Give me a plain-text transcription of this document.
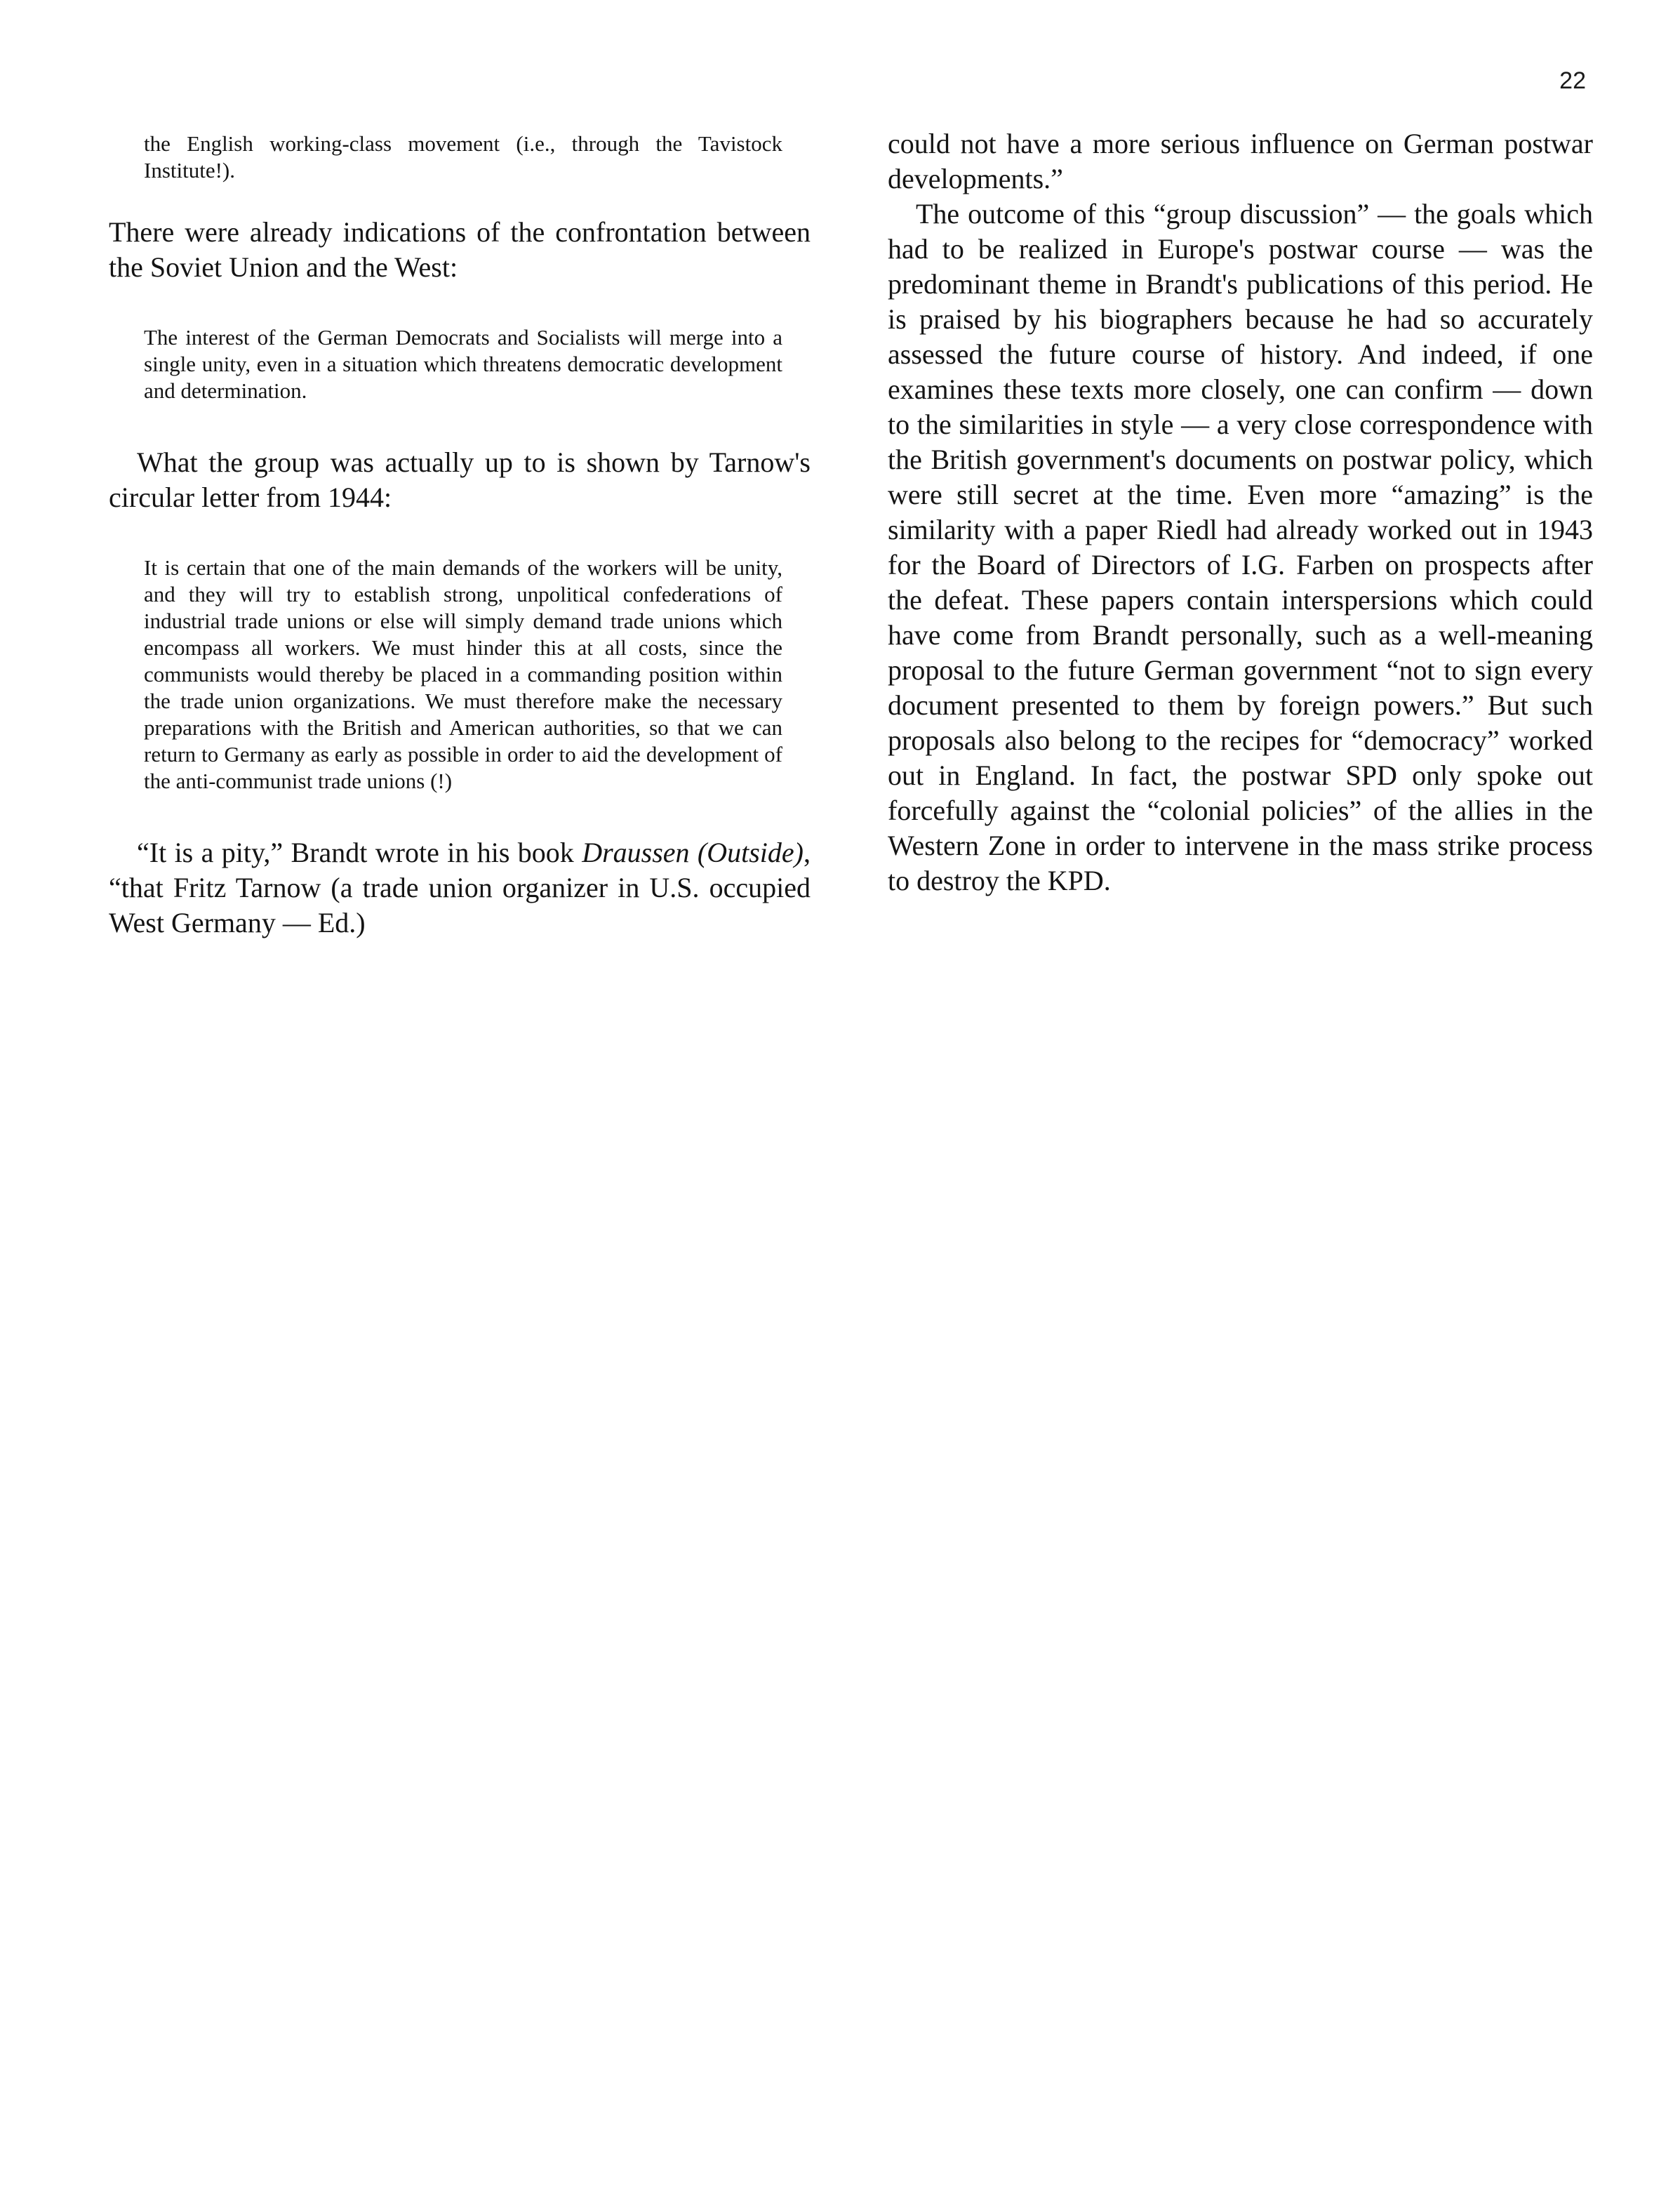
22

the English working-class movement (i.e., through the Tavistock Institute!).

There were already indications of the confrontation between the Soviet Union and the West:

The interest of the German Democrats and Socialists will merge into a single unity, even in a situation which threatens democratic development and determination.

What the group was actually up to is shown by Tarnow's circular letter from 1944:

It is certain that one of the main demands of the workers will be unity, and they will try to establish strong, unpolitical confederations of industrial trade unions or else will simply demand trade unions which encompass all workers. We must hinder this at all costs, since the communists would thereby be placed in a commanding position within the trade union organizations. We must therefore make the necessary preparations with the British and American authorities, so that we can return to Germany as early as possible in order to aid the development of the anti-communist trade unions (!)

“It is a pity,” Brandt wrote in his book Draussen (Outside), “that Fritz Tarnow (a trade union organizer in U.S. occupied West Germany — Ed.)

could not have a more serious influence on German postwar developments.”

The outcome of this “group discussion” — the goals which had to be realized in Europe's postwar course — was the predominant theme in Brandt's publications of this period. He is praised by his biographers because he had so accurately assessed the future course of history. And indeed, if one examines these texts more closely, one can confirm — down to the similarities in style — a very close correspondence with the British government's documents on postwar policy, which were still secret at the time. Even more “amazing” is the similarity with a paper Riedl had already worked out in 1943 for the Board of Directors of I.G. Farben on prospects after the defeat. These papers contain interspersions which could have come from Brandt personally, such as a well-meaning proposal to the future German government “not to sign every document presented to them by foreign powers.” But such proposals also belong to the recipes for “democracy” worked out in England. In fact, the postwar SPD only spoke out forcefully against the “colonial policies” of the allies in the Western Zone in order to intervene in the mass strike process to destroy the KPD.
